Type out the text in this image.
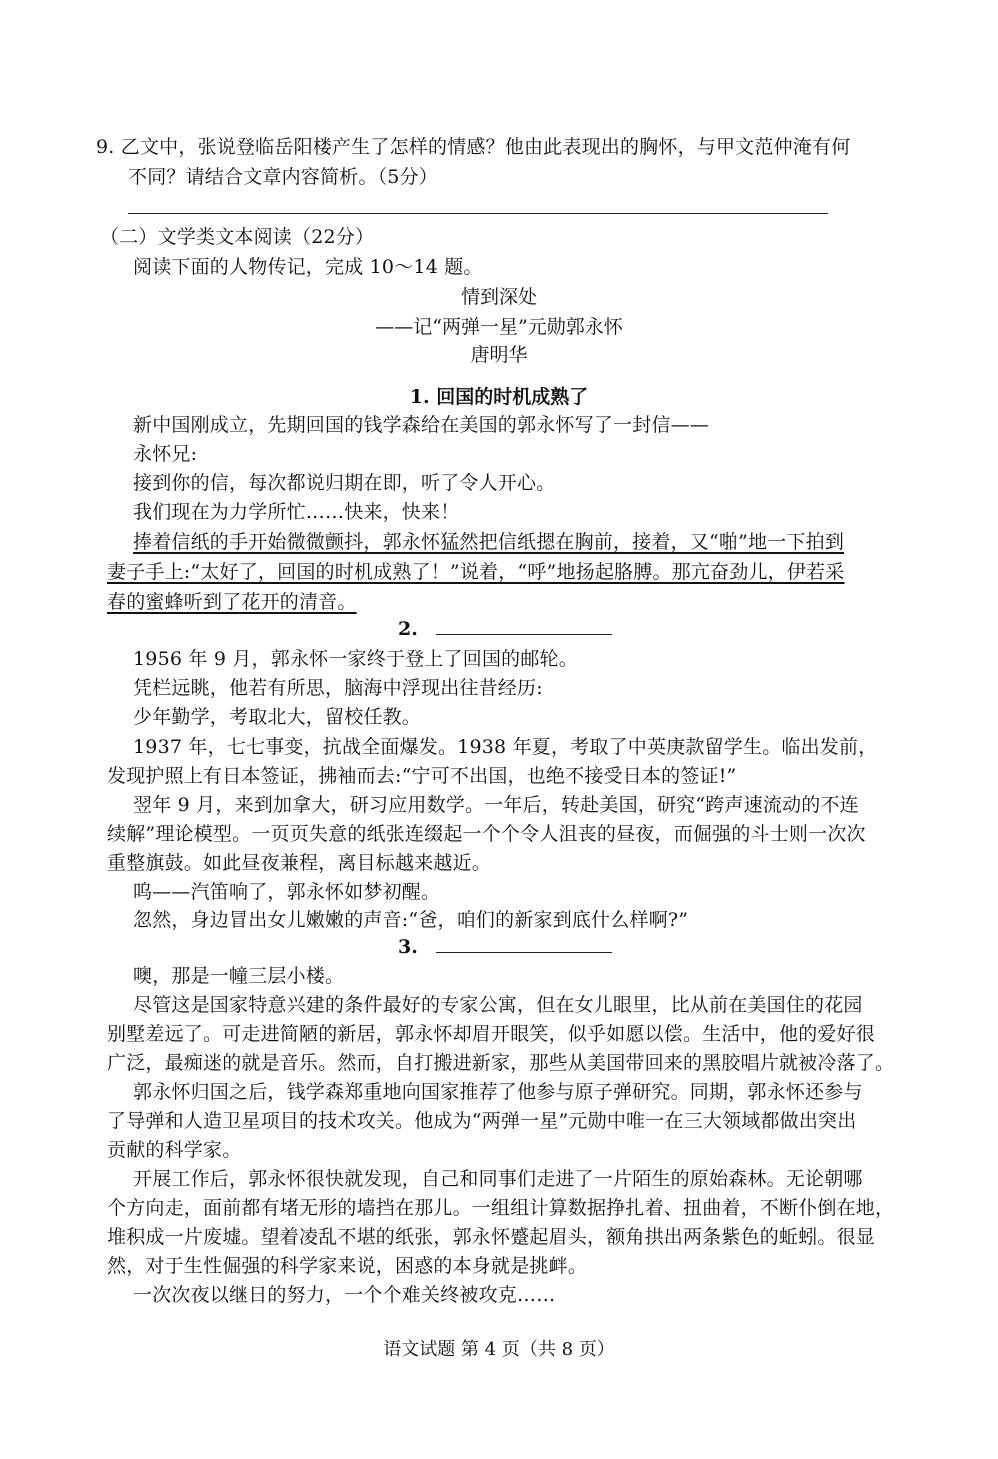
9. 乙文中，张说登临岳阳楼产生了怎样的情感？他由此表现出的胸怀，与甲文范仲淹有何
不同？请结合文章内容简析。（5分）
（二）文学类文本阅读（22分）
阅读下面的人物传记，完成 10～14 题。
情到深处
——记“两弹一星”元勋郭永怀
唐明华
1. 回国的时机成熟了
新中国刚成立，先期回国的钱学森给在美国的郭永怀写了一封信——
永怀兄:
接到你的信，每次都说归期在即，听了令人开心。
我们现在为力学所忙……快来，快来！
捧着信纸的手开始微微颤抖，郭永怀猛然把信纸摁在胸前，接着，又“啪”地一下拍到
妻子手上:“太好了，回国的时机成熟了！”说着，“呼”地扬起胳膊。那亢奋劲儿，伊若采
春的蜜蜂听到了花开的清音。
2.
1956 年 9 月，郭永怀一家终于登上了回国的邮轮。
凭栏远眺，他若有所思，脑海中浮现出往昔经历:
少年勤学，考取北大，留校任教。
1937 年，七七事变，抗战全面爆发。1938 年夏，考取了中英庚款留学生。临出发前，
发现护照上有日本签证，拂袖而去:“宁可不出国，也绝不接受日本的签证!”
翌年 9 月，来到加拿大，研习应用数学。一年后，转赴美国，研究“跨声速流动的不连
续解”理论模型。一页页失意的纸张连缀起一个个令人沮丧的昼夜，而倔强的斗士则一次次
重整旗鼓。如此昼夜兼程，离目标越来越近。
呜——汽笛响了，郭永怀如梦初醒。
忽然，身边冒出女儿嫩嫩的声音:“爸，咱们的新家到底什么样啊?”
3.
噢，那是一幢三层小楼。
尽管这是国家特意兴建的条件最好的专家公寓，但在女儿眼里，比从前在美国住的花园
别墅差远了。可走进简陋的新居，郭永怀却眉开眼笑，似乎如愿以偿。生活中，他的爱好很
广泛，最痴迷的就是音乐。然而，自打搬进新家，那些从美国带回来的黑胶唱片就被冷落了。
郭永怀归国之后，钱学森郑重地向国家推荐了他参与原子弹研究。同期，郭永怀还参与
了导弹和人造卫星项目的技术攻关。他成为“两弹一星”元勋中唯一在三大领域都做出突出
贡献的科学家。
开展工作后，郭永怀很快就发现，自己和同事们走进了一片陌生的原始森林。无论朝哪
个方向走，面前都有堵无形的墙挡在那儿。一组组计算数据挣扎着、扭曲着，不断仆倒在地，
堆积成一片废墟。望着凌乱不堪的纸张，郭永怀蹙起眉头，额角拱出两条紫色的蚯蚓。很显
然，对于生性倔强的科学家来说，困惑的本身就是挑衅。
一次次夜以继日的努力，一个个难关终被攻克……
语文试题 第 4 页（共 8 页）
